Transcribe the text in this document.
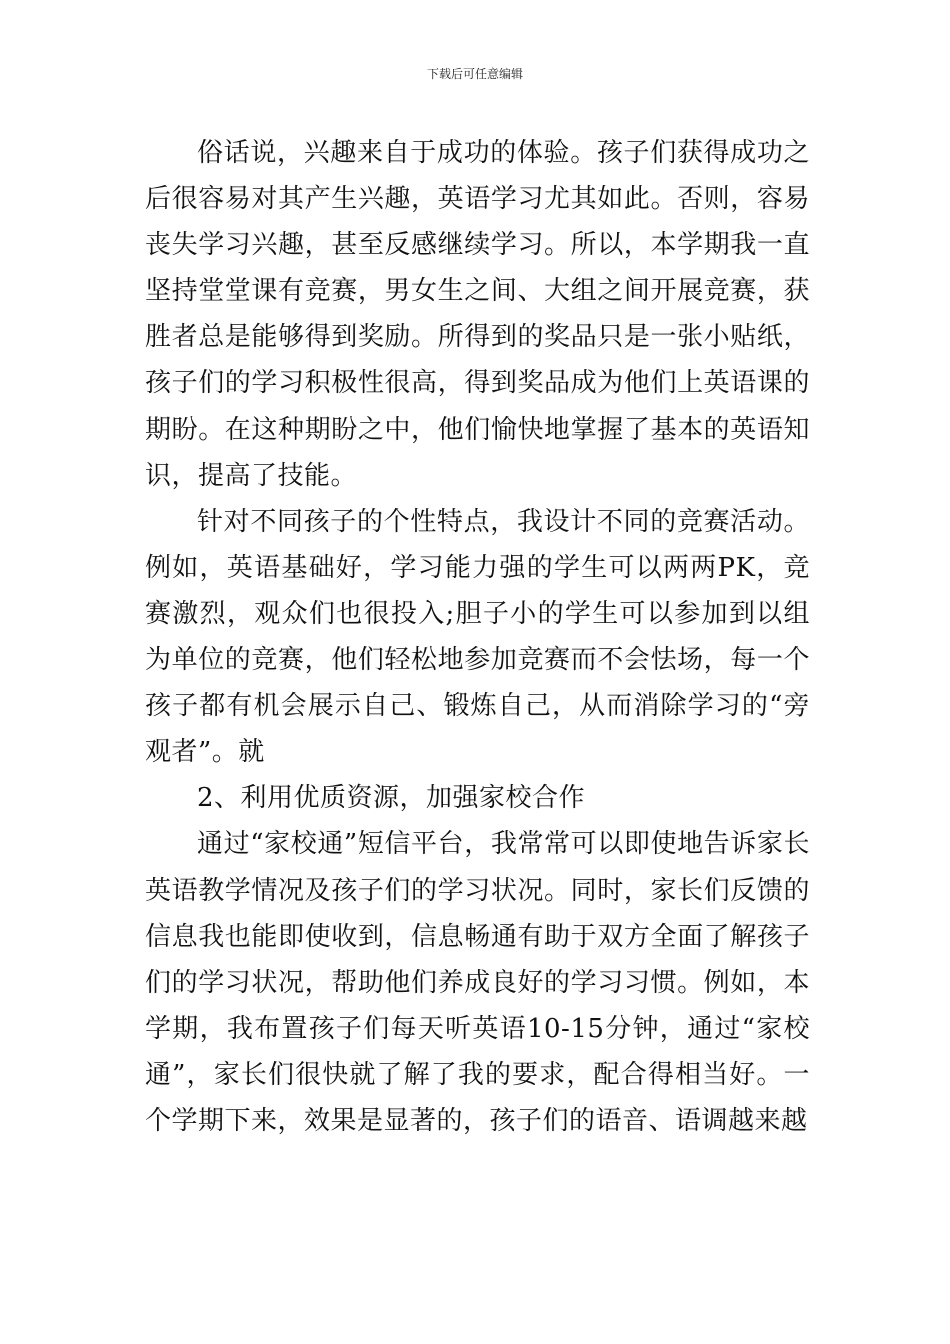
下载后可任意编辑

俗话说，兴趣来自于成功的体验。孩子们获得成功之后很容易对其产生兴趣，英语学习尤其如此。否则，容易丧失学习兴趣，甚至反感继续学习。所以，本学期我一直坚持堂堂课有竞赛，男女生之间、大组之间开展竞赛，获胜者总是能够得到奖励。所得到的奖品只是一张小贴纸，孩子们的学习积极性很高，得到奖品成为他们上英语课的期盼。在这种期盼之中，他们愉快地掌握了基本的英语知识，提高了技能。

针对不同孩子的个性特点，我设计不同的竞赛活动。例如，英语基础好，学习能力强的学生可以两两PK，竞赛激烈，观众们也很投入;胆子小的学生可以参加到以组为单位的竞赛，他们轻松地参加竞赛而不会怯场，每一个孩子都有机会展示自己、锻炼自己，从而消除学习的“旁观者”。就

2、利用优质资源，加强家校合作

通过“家校通”短信平台，我常常可以即使地告诉家长英语教学情况及孩子们的学习状况。同时，家长们反馈的信息我也能即使收到，信息畅通有助于双方全面了解孩子们的学习状况，帮助他们养成良好的学习习惯。例如，本学期，我布置孩子们每天听英语10-15分钟，通过“家校通”，家长们很快就了解了我的要求，配合得相当好。一个学期下来，效果是显著的，孩子们的语音、语调越来越
